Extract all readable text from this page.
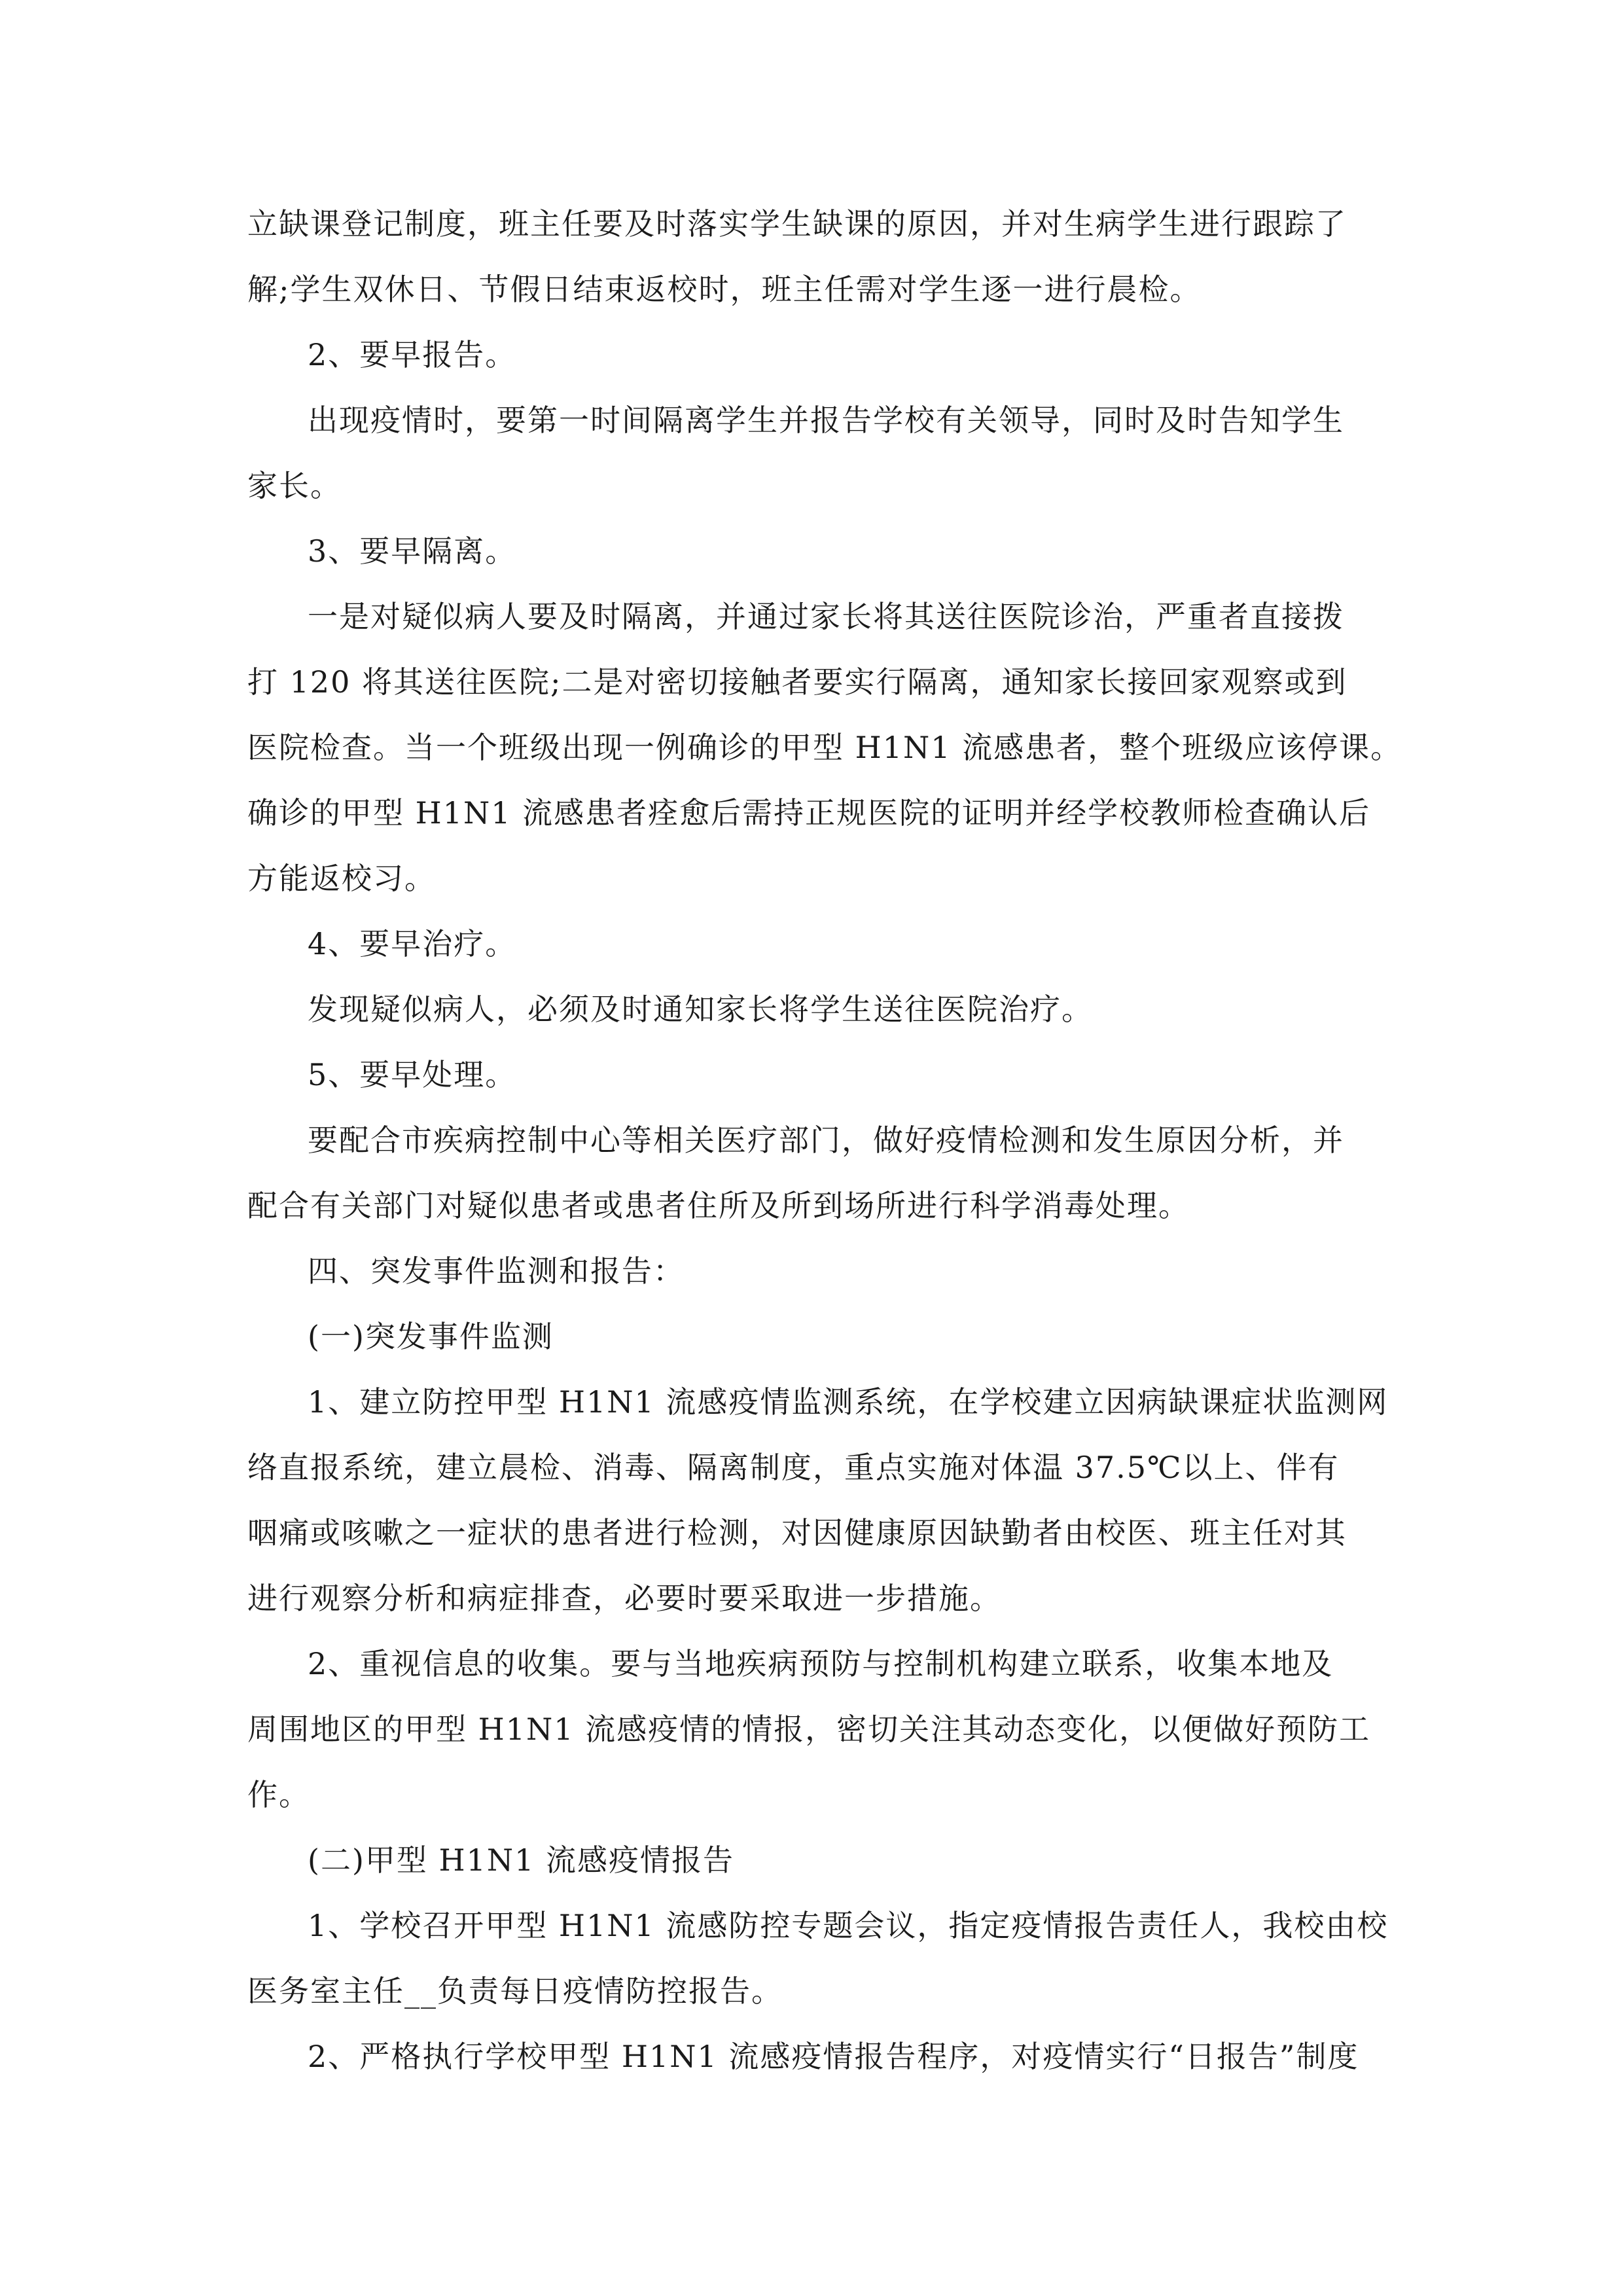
立缺课登记制度，班主任要及时落实学生缺课的原因，并对生病学生进行跟踪了
解;学生双休日、节假日结束返校时，班主任需对学生逐一进行晨检。
2、要早报告。
出现疫情时，要第一时间隔离学生并报告学校有关领导，同时及时告知学生
家长。
3、要早隔离。
一是对疑似病人要及时隔离，并通过家长将其送往医院诊治，严重者直接拨
打 120 将其送往医院;二是对密切接触者要实行隔离，通知家长接回家观察或到
医院检查。当一个班级出现一例确诊的甲型 H1N1 流感患者，整个班级应该停课。
确诊的甲型 H1N1 流感患者痊愈后需持正规医院的证明并经学校教师检查确认后
方能返校习。
4、要早治疗。
发现疑似病人，必须及时通知家长将学生送往医院治疗。
5、要早处理。
要配合市疾病控制中心等相关医疗部门，做好疫情检测和发生原因分析，并
配合有关部门对疑似患者或患者住所及所到场所进行科学消毒处理。
四、突发事件监测和报告：
(一)突发事件监测
1、建立防控甲型 H1N1 流感疫情监测系统，在学校建立因病缺课症状监测网
络直报系统，建立晨检、消毒、隔离制度，重点实施对体温 37.5℃以上、伴有
咽痛或咳嗽之一症状的患者进行检测，对因健康原因缺勤者由校医、班主任对其
进行观察分析和病症排查，必要时要采取进一步措施。
2、重视信息的收集。要与当地疾病预防与控制机构建立联系，收集本地及
周围地区的甲型 H1N1 流感疫情的情报，密切关注其动态变化，以便做好预防工
作。
(二)甲型 H1N1 流感疫情报告
1、学校召开甲型 H1N1 流感防控专题会议，指定疫情报告责任人，我校由校
医务室主任__负责每日疫情防控报告。
2、严格执行学校甲型 H1N1 流感疫情报告程序，对疫情实行“日报告”制度
